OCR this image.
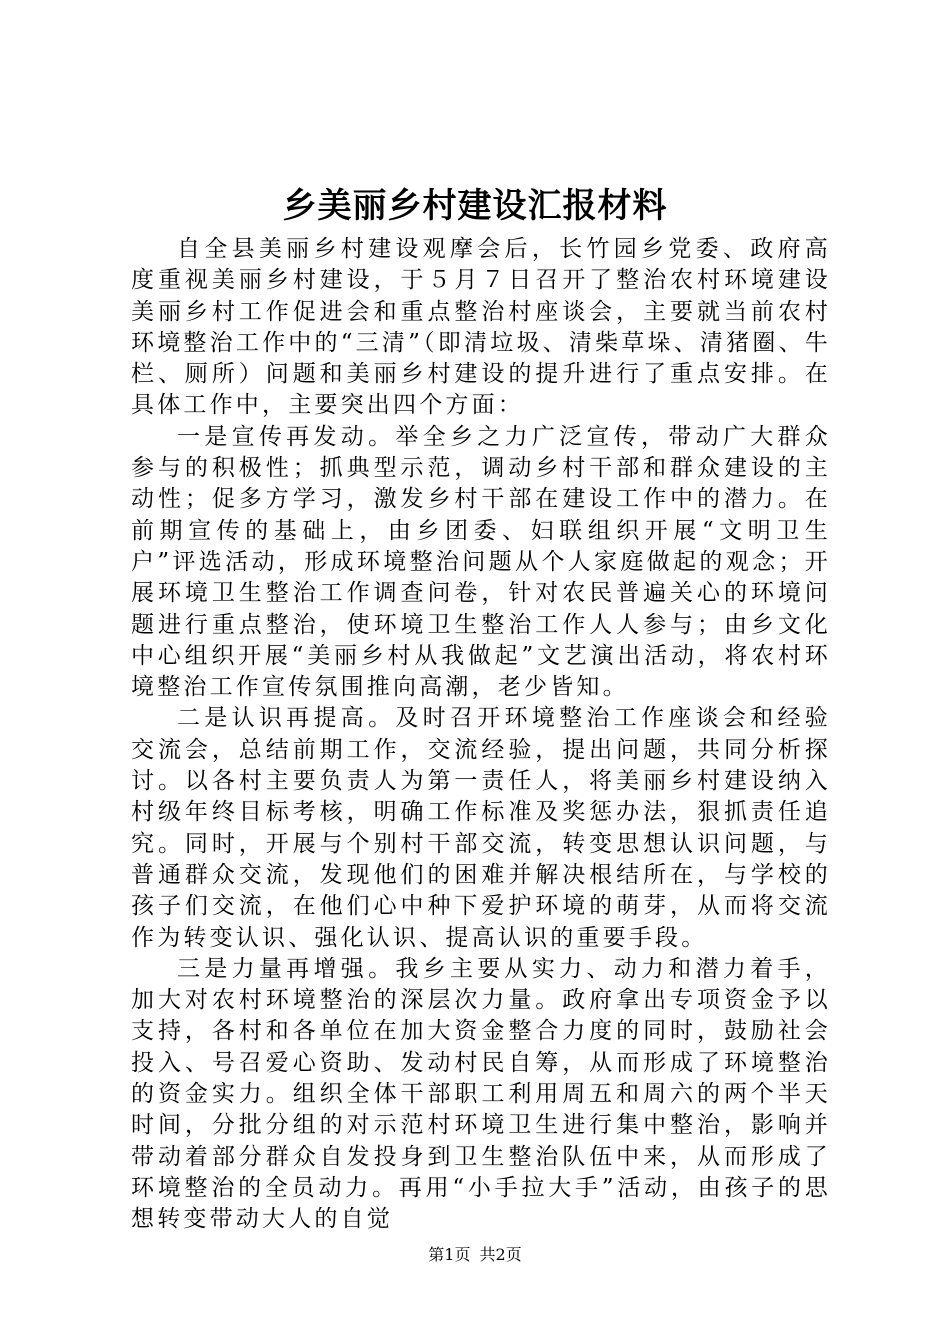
乡美丽乡村建设汇报材料

自全县美丽乡村建设观摩会后，长竹园乡党委、政府高度重视美丽乡村建设，于５月７日召开了整治农村环境建设美丽乡村工作促进会和重点整治村座谈会，主要就当前农村环境整治工作中的“三清”（即清垃圾、清柴草垛、清猪圈、牛栏、厕所）问题和美丽乡村建设的提升进行了重点安排。在具体工作中，主要突出四个方面：

一是宣传再发动。举全乡之力广泛宣传，带动广大群众参与的积极性；抓典型示范，调动乡村干部和群众建设的主动性；促多方学习，激发乡村干部在建设工作中的潜力。在前期宣传的基础上，由乡团委、妇联组织开展“文明卫生户”评选活动，形成环境整治问题从个人家庭做起的观念；开展环境卫生整治工作调查问卷，针对农民普遍关心的环境问题进行重点整治，使环境卫生整治工作人人参与；由乡文化中心组织开展“美丽乡村从我做起”文艺演出活动，将农村环境整治工作宣传氛围推向高潮，老少皆知。

二是认识再提高。及时召开环境整治工作座谈会和经验交流会，总结前期工作，交流经验，提出问题，共同分析探讨。以各村主要负责人为第一责任人，将美丽乡村建设纳入村级年终目标考核，明确工作标准及奖惩办法，狠抓责任追究。同时，开展与个别村干部交流，转变思想认识问题，与普通群众交流，发现他们的困难并解决根结所在，与学校的孩子们交流，在他们心中种下爱护环境的萌芽，从而将交流作为转变认识、强化认识、提高认识的重要手段。

三是力量再增强。我乡主要从实力、动力和潜力着手，加大对农村环境整治的深层次力量。政府拿出专项资金予以支持，各村和各单位在加大资金整合力度的同时，鼓励社会投入、号召爱心资助、发动村民自筹，从而形成了环境整治的资金实力。组织全体干部职工利用周五和周六的两个半天时间，分批分组的对示范村环境卫生进行集中整治，影响并带动着部分群众自发投身到卫生整治队伍中来，从而形成了环境整治的全员动力。再用“小手拉大手”活动，由孩子的思想转变带动大人的自觉

第1页 共2页
